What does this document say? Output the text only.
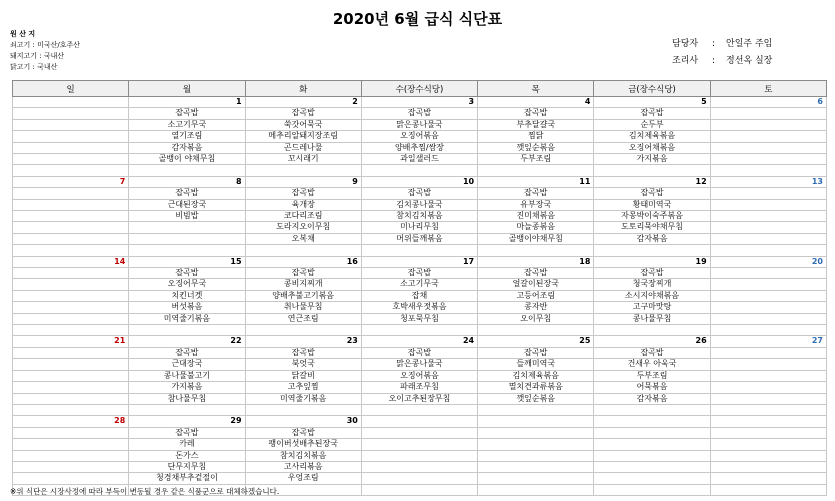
2020년 6월 급식 식단표
원 산 지
쇠고기 : 미국산/호주산
돼지고기 : 국내산
닭고기 : 국내산
담당자	:	안일주 주임
조리사	:	정선옥 실장
일	월	화	수(장수식당)	목	금(장수식당)	토
	1	2	3	4	5	6
	잡곡밥	잡곡밥	잡곡밥	잡곡밥	잡곡밥	
	소고기무국	쑥갓어묵국	맑은콩나물국	부추달걀국	순두부	
	열기조림	메추리알돼지장조림	오징어볶음	찜닭	김치제육볶음	
	감자볶음	곤드레나물	양배추찜/쌈장	깻잎순볶음	오징어채볶음	
	골뱅이 야채무침	꼬시래기	과일샐러드	두부조림	가지볶음	

7	8	9	10	11	12	13
	잡곡밥	잡곡밥	잡곡밥	잡곡밥	잡곡밥	
	근대된장국	육개장	김치콩나물국	유부장국	황태미역국	
	비빔밥	코다리조림	참치김치볶음	진미채볶음	자몽박이숙주볶음	
		도라지오이무침	미나리무침	마늘종볶음	도토리묵야채무침	
		오복채	머위들깨볶음	골뱅이야채무침	감자볶음	

14	15	16	17	18	19	20
	잡곡밥	잡곡밥	잡곡밥	잡곡밥	잡곡밥	
	오징어무국	콩비지찌개	소고기무국	얼갈이된장국	청국장찌개	
	치킨너겟	양배추불고기볶음	잡채	고등어조림	소시지야채볶음	
	버섯볶음	취나물무침	호박새우젓볶음	콩자반	고구마맛탕	
	미역줄기볶음	연근조림	청포묵무침	오이무침	콩나물무침	

21	22	23	24	25	26	27
	잡곡밥	잡곡밥	잡곡밥	잡곡밥	잡곡밥	
	근대장국	북엇국	맑은콩나물국	들깨미역국	건새우 아욱국	
	콩나물불고기	닭갈비	오징어볶음	김치제육볶음	두부조림	
	가지볶음	고추잎찜	파래조무침	멸치견과류볶음	어묵볶음	
	참나물무침	미역줄기볶음	오이고추된장무침	깻잎순볶음	감자볶음	

28	29	30				
	잡곡밥	잡곡밥				
	카레	팽이버섯배추된장국				
	돈가스	참치김치볶음				
	단무지무침	고사리볶음				
	청경채부추겉절이	우엉조림				

※위 식단은 시장사정에 따라 부득이 변동될 경우 같은 식품군으로 대체하겠습니다.
